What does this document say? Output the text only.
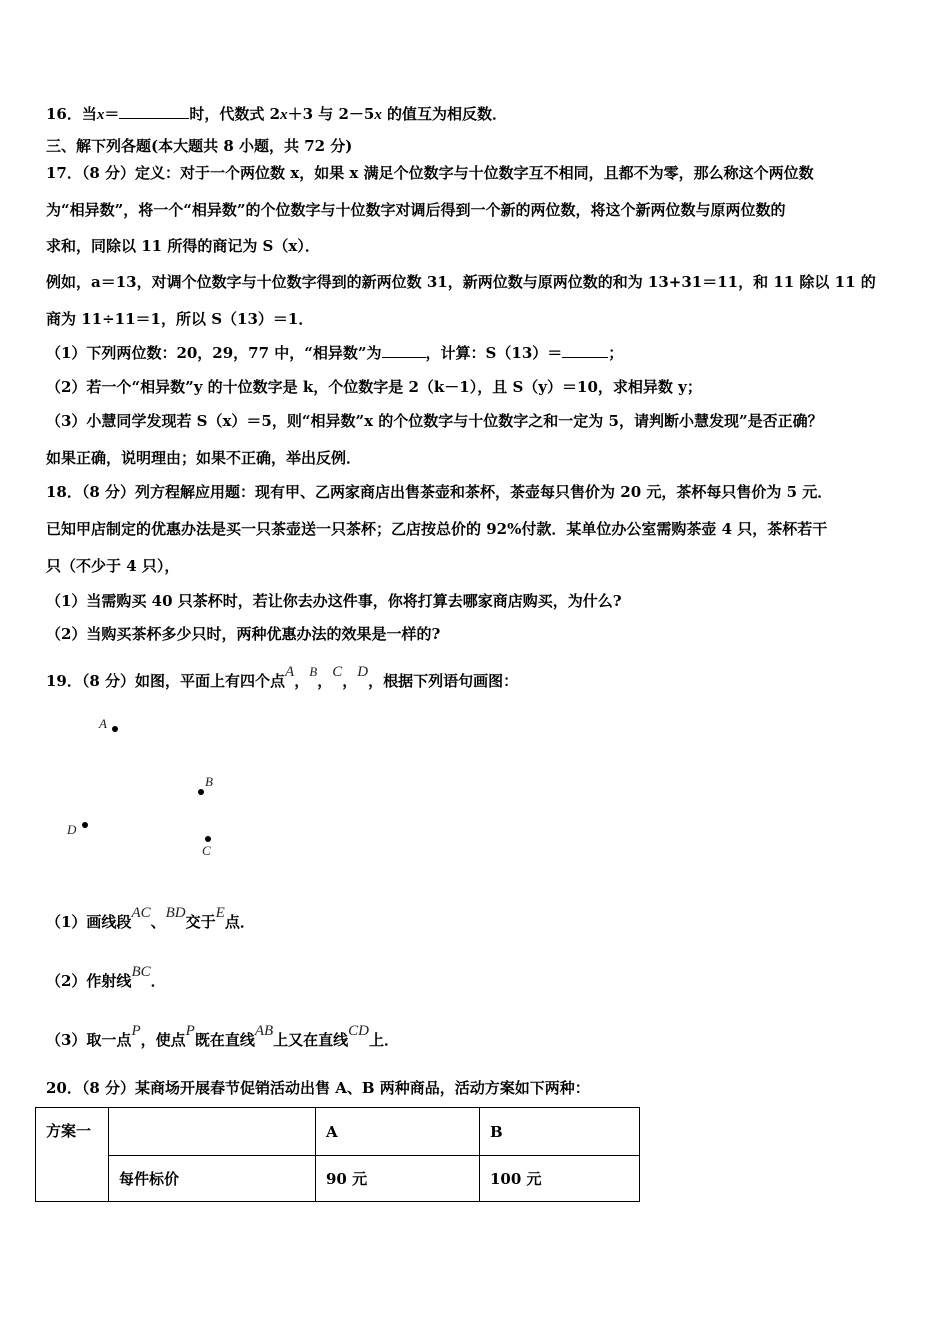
16．当x＝	时，代数式 2x＋3 与 2－5x 的值互为相反数．
三、解下列各题(本大题共 8 小题，共 72 分)
17．（8 分）定义：对于一个两位数 x，如果 x 满足个位数字与十位数字互不相同，且都不为零，那么称这个两位数
为“相异数”，将一个“相异数”的个位数字与十位数字对调后得到一个新的两位数，将这个新两位数与原两位数的
求和，同除以 11 所得的商记为 S（x）．
例如，a＝13，对调个位数字与十位数字得到的新两位数 31，新两位数与原两位数的和为 13+31＝11，和 11 除以 11 的
商为 11÷11＝1，所以 S（13）＝1．
（1）下列两位数：20，29，77 中，“相异数”为	，计算：S（13）＝	；
（2）若一个“相异数”y 的十位数字是 k，个位数字是 2（k－1），且 S（y）＝10，求相异数 y；
（3）小慧同学发现若 S（x）＝5，则“相异数”x 的个位数字与十位数字之和一定为 5，请判断小慧发现”是否正确？
如果正确，说明理由；如果不正确，举出反例．
18．（8 分）列方程解应用题：现有甲、乙两家商店出售茶壶和茶杯，茶壶每只售价为 20 元，茶杯每只售价为 5 元．
已知甲店制定的优惠办法是买一只茶壶送一只茶杯；乙店按总价的 92%付款．某单位办公室需购茶壶 4 只，茶杯若干
只（不少于 4 只），
（1）当需购买 40 只茶杯时，若让你去办这件事，你将打算去哪家商店购买，为什么?
（2）当购买茶杯多少只时，两种优惠办法的效果是一样的?
19．（8 分）如图，平面上有四个点A，B，C，D，根据下列语句画图：
A
B
D
C
（1）画线段AC、BD交于E点．
（2）作射线BC．
（3）取一点P，使点P既在直线AB上又在直线CD上．
20．（8 分）某商场开展春节促销活动出售 A、B 两种商品，活动方案如下两种：
方案一		A	B
	每件标价	90 元	100 元
